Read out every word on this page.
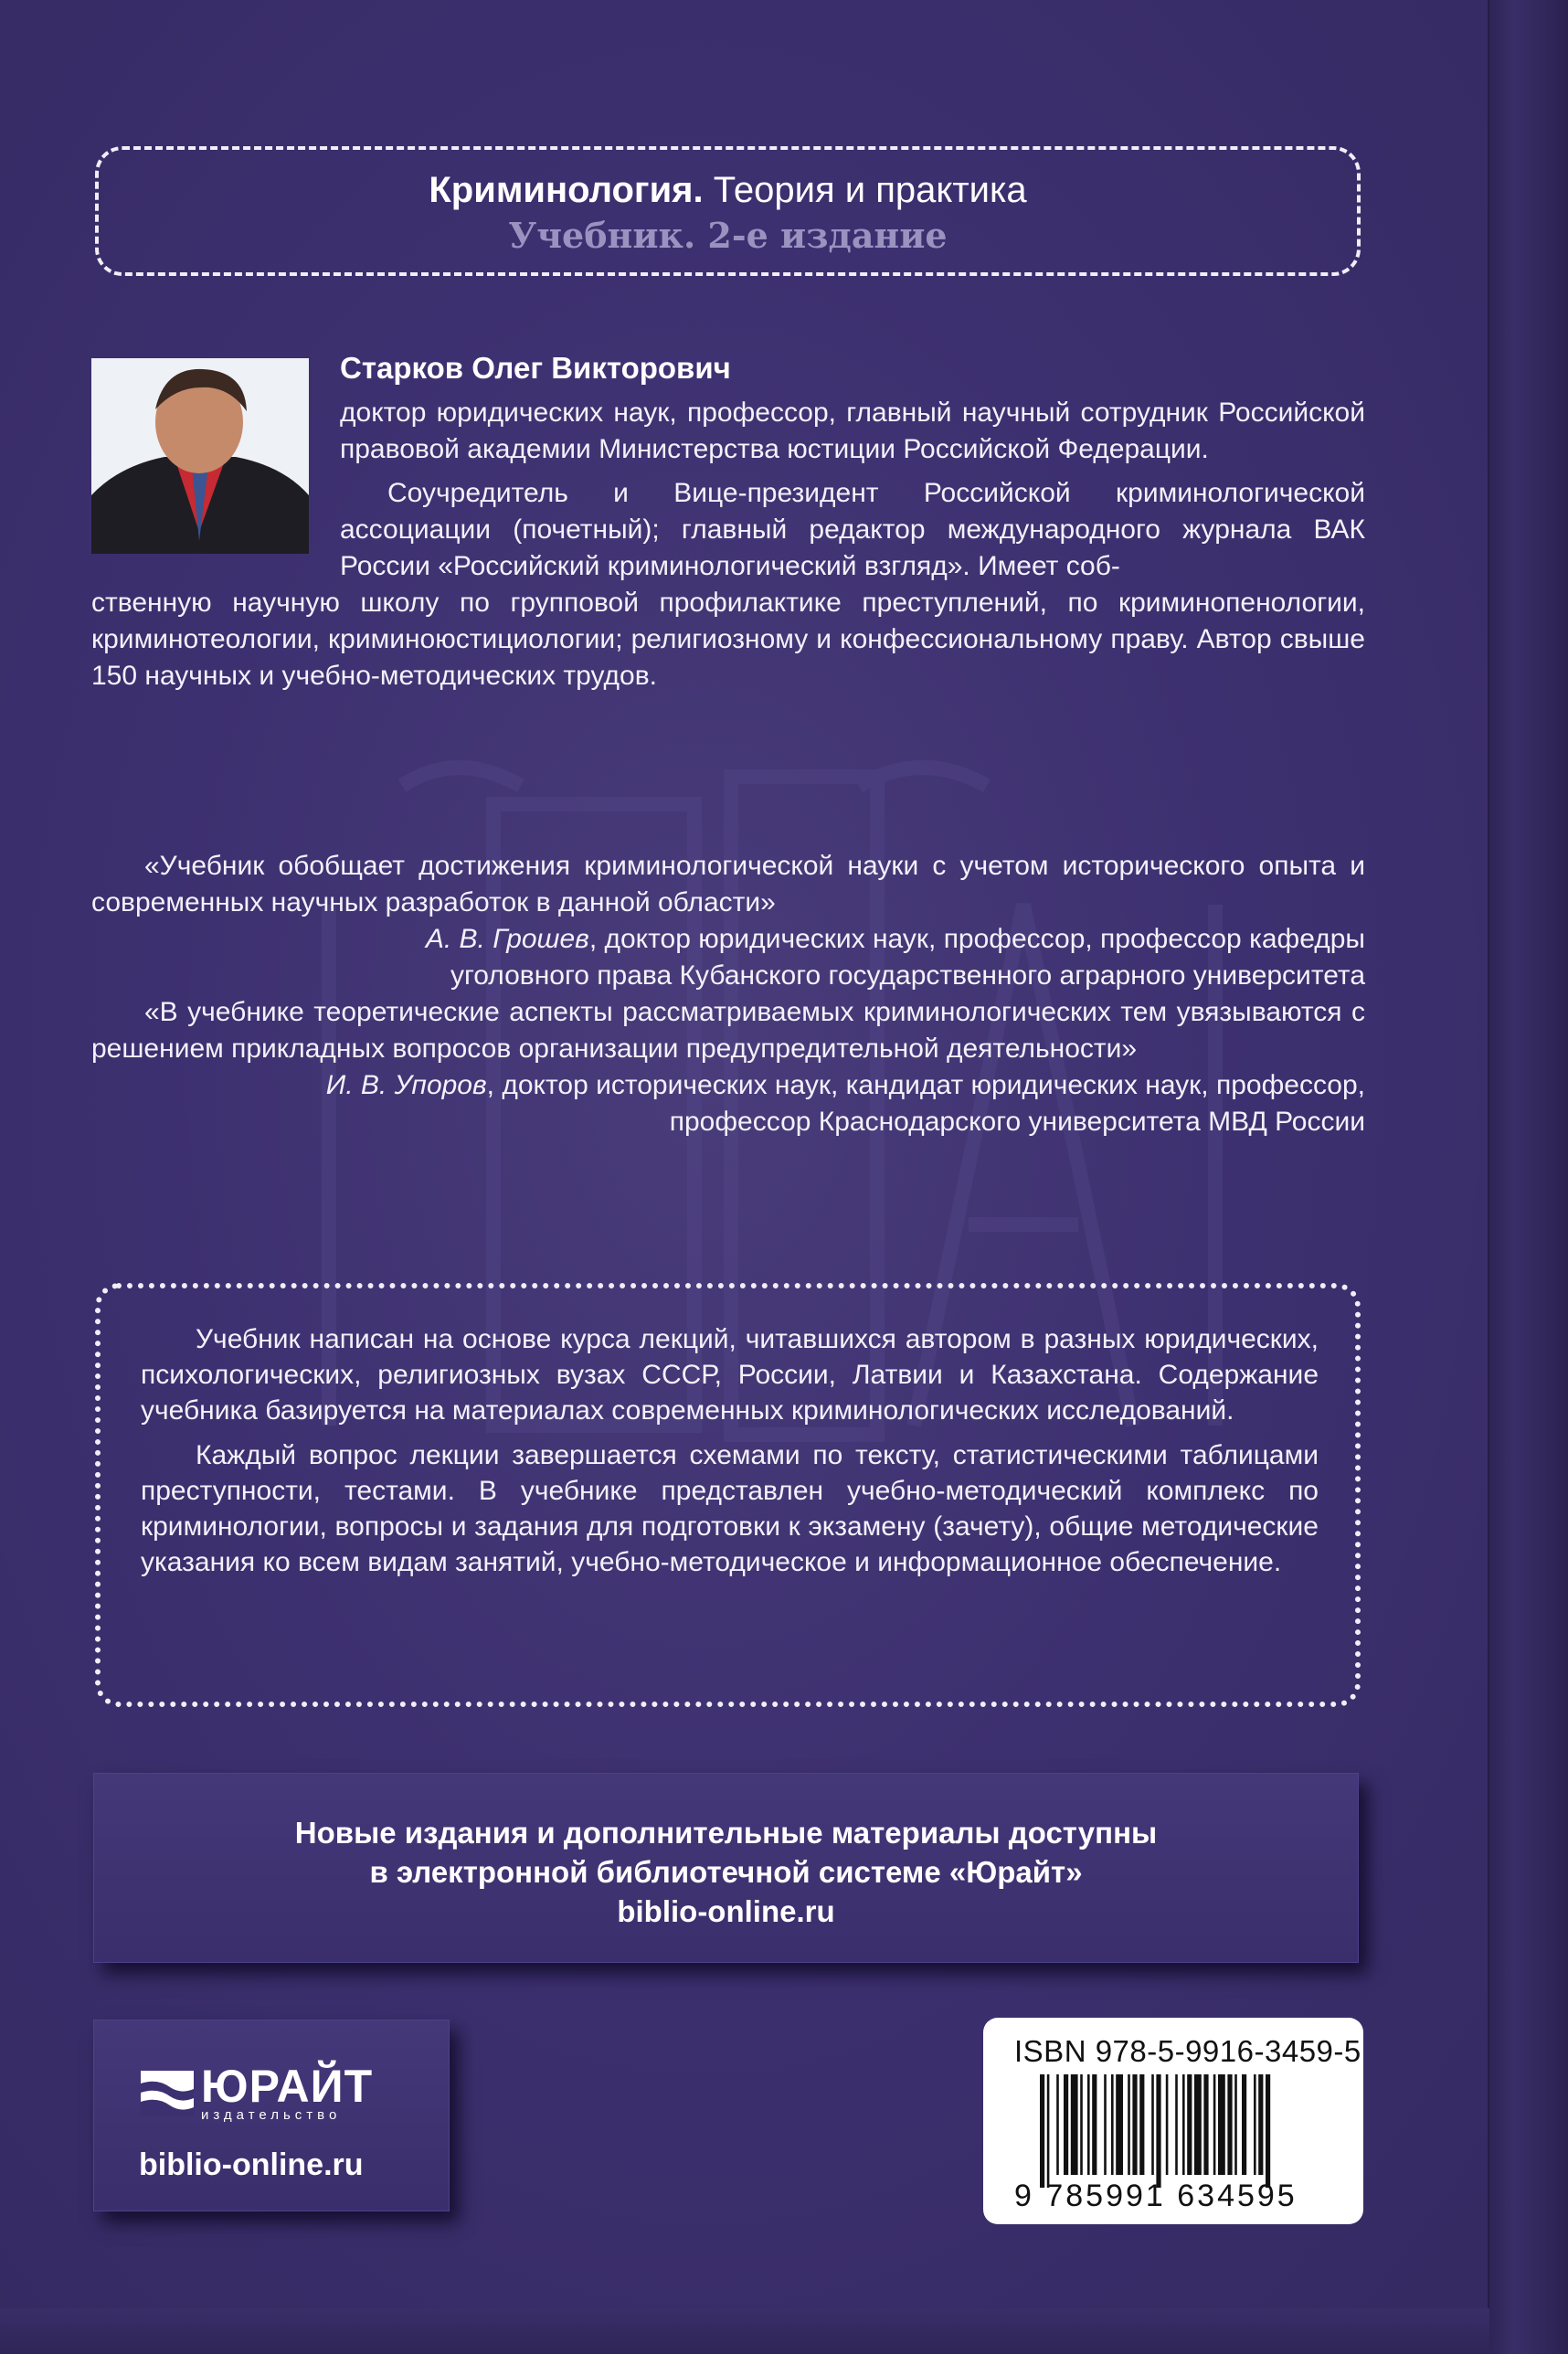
Криминология. Теория и практика
Учебник. 2-е издание
Старков Олег Викторович

доктор юридических наук, профессор, главный научный сотрудник Российской правовой академии Министерства юстиции Российской Федерации.

Соучредитель и Вице-президент Российской криминологической ассоциации (почетный); главный редактор международного журнала ВАК России «Российский криминологический взгляд». Имеет соб-

ственную научную школу по групповой профилактике преступлений, по криминопенологии, криминотеологии, криминоюстициологии; религиозному и конфессиональному праву. Автор свыше 150 научных и учебно-методических трудов.

«Учебник обобщает достижения криминологической науки с учетом исторического опыта и современных научных разработок в данной области»

А. В. Грошев, доктор юридических наук, профессор, профессор кафедры
уголовного права Кубанского государственного аграрного университета

«В учебнике теоретические аспекты рассматриваемых криминологических тем увязываются с решением прикладных вопросов организации предупредительной деятельности»

И. В. Упоров, доктор исторических наук, кандидат юридических наук, профессор,
профессор Краснодарского университета МВД России

Учебник написан на основе курса лекций, читавшихся автором в разных юридических, психологических, религиозных вузах СССР, России, Латвии и Казахстана. Содержание учебника базируется на материалах современных криминологических исследований.

Каждый вопрос лекции завершается схемами по тексту, статистическими таблицами преступности, тестами. В учебнике представлен учебно-методический комплекс по криминологии, вопросы и задания для подготовки к экзамену (зачету), общие методические указания ко всем видам занятий, учебно-методическое и информационное обеспечение.

Новые издания и дополнительные материалы доступны
в электронной библиотечной системе «Юрайт»
biblio-online.ru
ЮРАЙТ
издательство
biblio-online.ru
ISBN 978-5-9916-3459-5
9 785991 634595
